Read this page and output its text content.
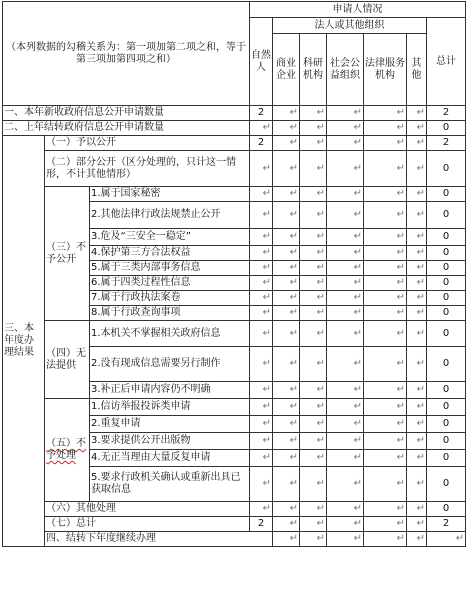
（本列数据的勾稽关系为：第一项加第二项之和，等于第三项加第四项之和）			申请人情况							
			自然人	法人或其他组织					总计	
				商业企业	科研机构	社会公益组织	法律服务机构	其他		
一、本年新收政府信息公开申请数量			2	↵	↵	↵	↵	↵	2	
二、上年结转政府信息公开申请数量			↵	↵	↵	↵	↵	↵	0	
三、本年度办理结果	（一）予以公开		2	↵	↵	↵	↵	↵	2	
	（二）部分公开（区分处理的，只计这一情形，不计其他情形）		↵	↵	↵	↵	↵	↵	0	
	（三）不予公开	1.属于国家秘密	↵	↵	↵	↵	↵	↵	0	
		2.其他法律行政法规禁止公开	↵	↵	↵	↵	↵	↵	0	
		3.危及“三安全一稳定”	↵	↵	↵	↵	↵	↵	0	
		4.保护第三方合法权益	↵	↵	↵	↵	↵	↵	0	
		5.属于三类内部事务信息	↵	↵	↵	↵	↵	↵	0	
		6.属于四类过程性信息	↵	↵	↵	↵	↵	↵	0	
		7.属于行政执法案卷	↵	↵	↵	↵	↵	↵	0	
		8.属于行政查询事项	↵	↵	↵	↵	↵	↵	0	
	（四）无法提供	1.本机关不掌握相关政府信息	↵	↵	↵	↵	↵	↵	0	
		2.没有现成信息需要另行制作	↵	↵	↵	↵	↵	↵	0	
		3.补正后申请内容仍不明确	↵	↵	↵	↵	↵	↵	0	
	（五）不予处理	1.信访举报投诉类申请	↵	↵	↵	↵	↵	↵	0	
		2.重复申请	↵	↵	↵	↵	↵	↵	0	
		3.要求提供公开出版物	↵	↵	↵	↵	↵	↵	0	
		4.无正当理由大量反复申请	↵	↵	↵	↵	↵	↵	0	
		5.要求行政机关确认或重新出具已获取信息	↵	↵	↵	↵	↵	↵	0	
	（六）其他处理		↵	↵	↵	↵	↵	↵	0	
	（七）总计		2	↵	↵	↵	↵	↵	2	
	四、结转下年度继续办理			↵	↵	↵	↵	↵	↵	
